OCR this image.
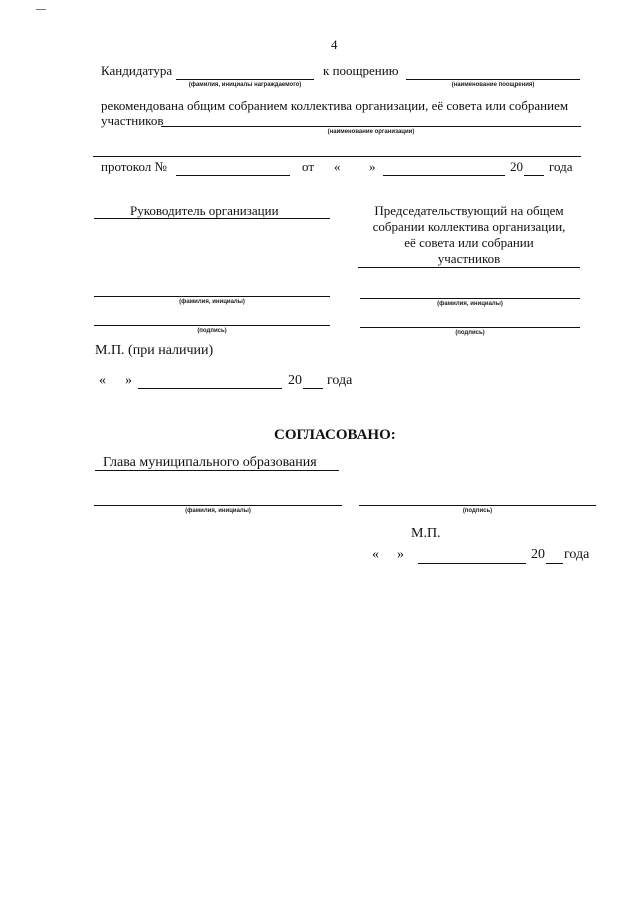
4
Кандидатура
(фамилия, инициалы награждаемого)
к поощрению
(наименование поощрения)
рекомендована общим собранием коллектива организации, её совета или собранием
участников
(наименование организации)
протокол №	от « »	20 года
Руководитель организации	Председательствующий на общем
собрании коллектива организации,
её совета или собрании
участников
(фамилия, инициалы)	(фамилия, инициалы)
(подпись)	(подпись)
М.П. (при наличии)
« »	20 года
СОГЛАСОВАНО:
Глава муниципального образования
(фамилия, инициалы)	(подпись)
М.П.
« »	20 года
